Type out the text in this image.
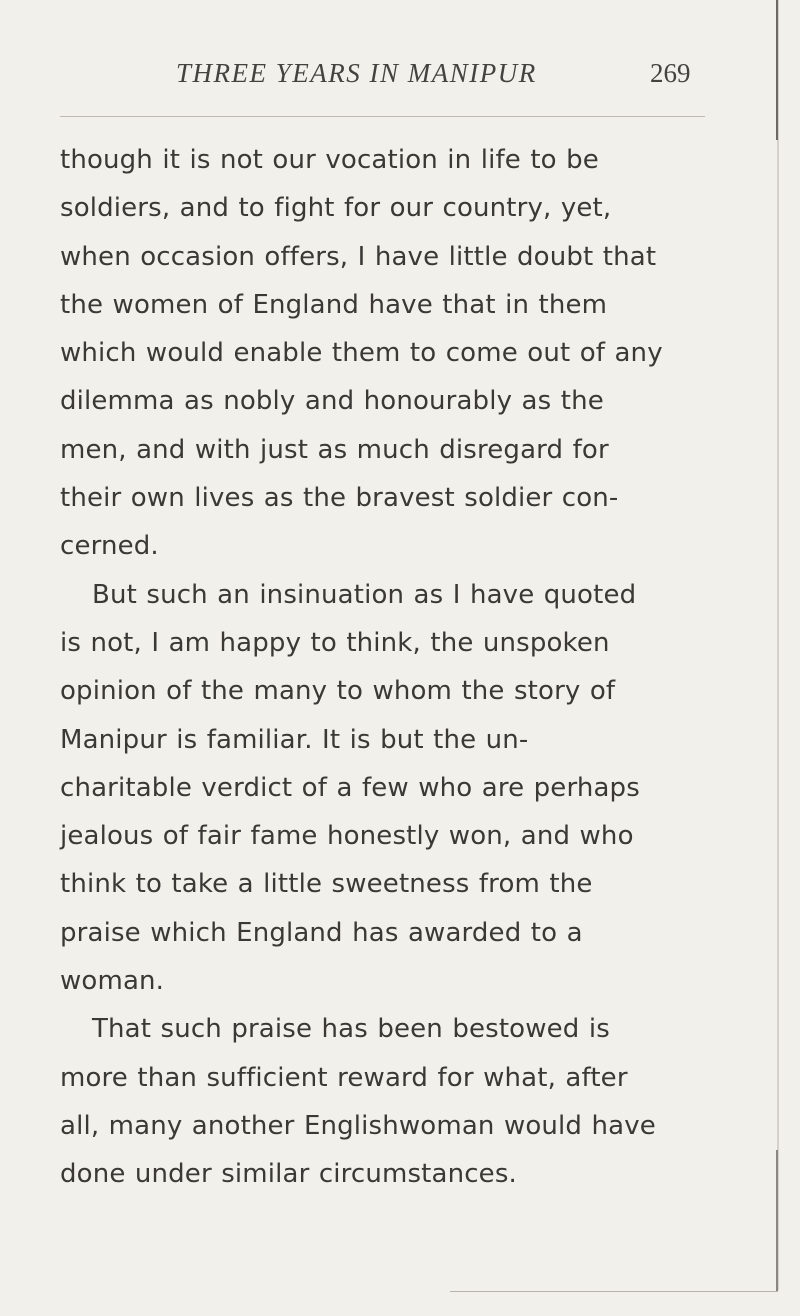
THREE YEARS IN MANIPUR	269
though it is not our vocation in life to be
soldiers, and to fight for our country, yet,
when occasion offers, I have little doubt that
the women of England have that in them
which would enable them to come out of any
dilemma as nobly and honourably as the
men, and with just as much disregard for
their own lives as the bravest soldier con-
cerned.
But such an insinuation as I have quoted
is not, I am happy to think, the unspoken
opinion of the many to whom the story of
Manipur is familiar. It is but the un-
charitable verdict of a few who are perhaps
jealous of fair fame honestly won, and who
think to take a little sweetness from the
praise which England has awarded to a
woman.
That such praise has been bestowed is
more than sufficient reward for what, after
all, many another Englishwoman would have
done under similar circumstances.
